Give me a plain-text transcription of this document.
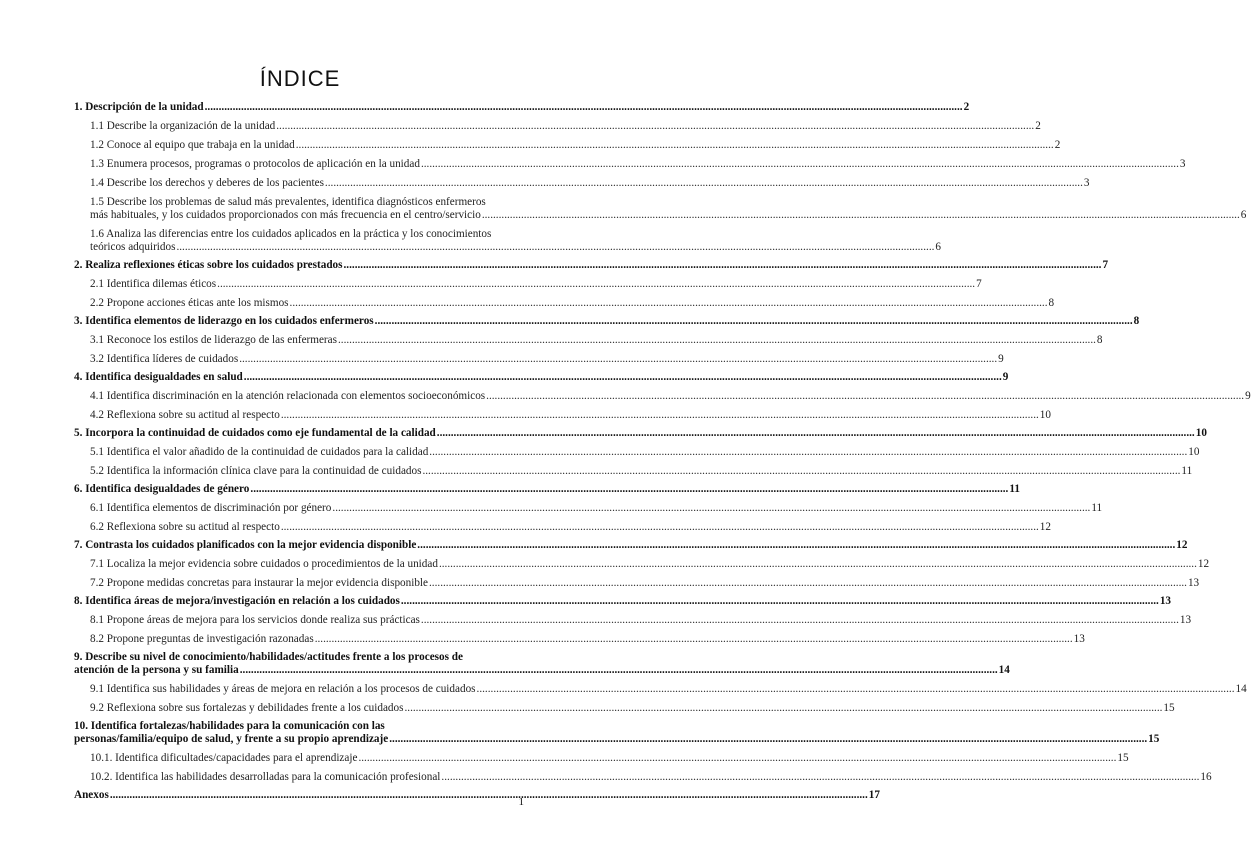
ÍNDICE
1. Descripción de la unidad .....	2
1.1 Describe la organización de la unidad .....	2
1.2 Conoce al equipo que trabaja en la unidad .....	2
1.3 Enumera procesos, programas o protocolos de aplicación en la unidad .....	3
1.4 Describe los derechos y deberes de los pacientes .....	3
1.5 Describe los problemas de salud más prevalentes, identifica diagnósticos enfermeros
más habituales, y los cuidados proporcionados con más frecuencia en el centro/servicio .....	6
1.6 Analiza las diferencias entre los cuidados aplicados en la práctica y los conocimientos
teóricos adquiridos .....	6
2. Realiza reflexiones éticas sobre los cuidados prestados .....	7
2.1 Identifica dilemas éticos .....	7
2.2 Propone acciones éticas ante los mismos .....	8
3. Identifica elementos de liderazgo en los cuidados enfermeros .....	8
3.1 Reconoce los estilos de liderazgo de las enfermeras .....	8
3.2 Identifica líderes de cuidados .....	9
4. Identifica desigualdades en salud .....	9
4.1 Identifica discriminación en la atención relacionada con elementos socioeconómicos .....	9
4.2 Reflexiona sobre su actitud al respecto .....	10
5. Incorpora la continuidad de cuidados como eje fundamental de la calidad .....	10
5.1 Identifica el valor añadido de la continuidad de cuidados para la calidad .....	10
5.2 Identifica la información clínica clave para la continuidad de cuidados .....	11
6. Identifica desigualdades de género .....	11
6.1 Identifica elementos de discriminación por género .....	11
6.2 Reflexiona sobre su actitud al respecto .....	12
7. Contrasta los cuidados planificados con la mejor evidencia disponible .....	12
7.1 Localiza la mejor evidencia sobre cuidados o procedimientos de la unidad .....	12
7.2 Propone medidas concretas para instaurar la mejor evidencia disponible .....	13
8. Identifica áreas de mejora/investigación en relación a los cuidados .....	13
8.1 Propone áreas de mejora para los servicios donde realiza sus prácticas .....	13
8.2 Propone preguntas de investigación razonadas .....	13
9. Describe su nivel de conocimiento/habilidades/actitudes frente a los procesos de
atención de la persona y su familia .....	14
9.1 Identifica sus habilidades y áreas de mejora en relación a los procesos de cuidados .....	14
9.2 Reflexiona sobre sus fortalezas y debilidades frente a los cuidados .....	15
10. Identifica fortalezas/habilidades para la comunicación con las
personas/familia/equipo de salud, y frente a su propio aprendizaje .....	15
10.1. Identifica dificultades/capacidades para el aprendizaje .....	15
10.2. Identifica las habilidades desarrolladas para la comunicación profesional .....	16
Anexos .....	17
1
